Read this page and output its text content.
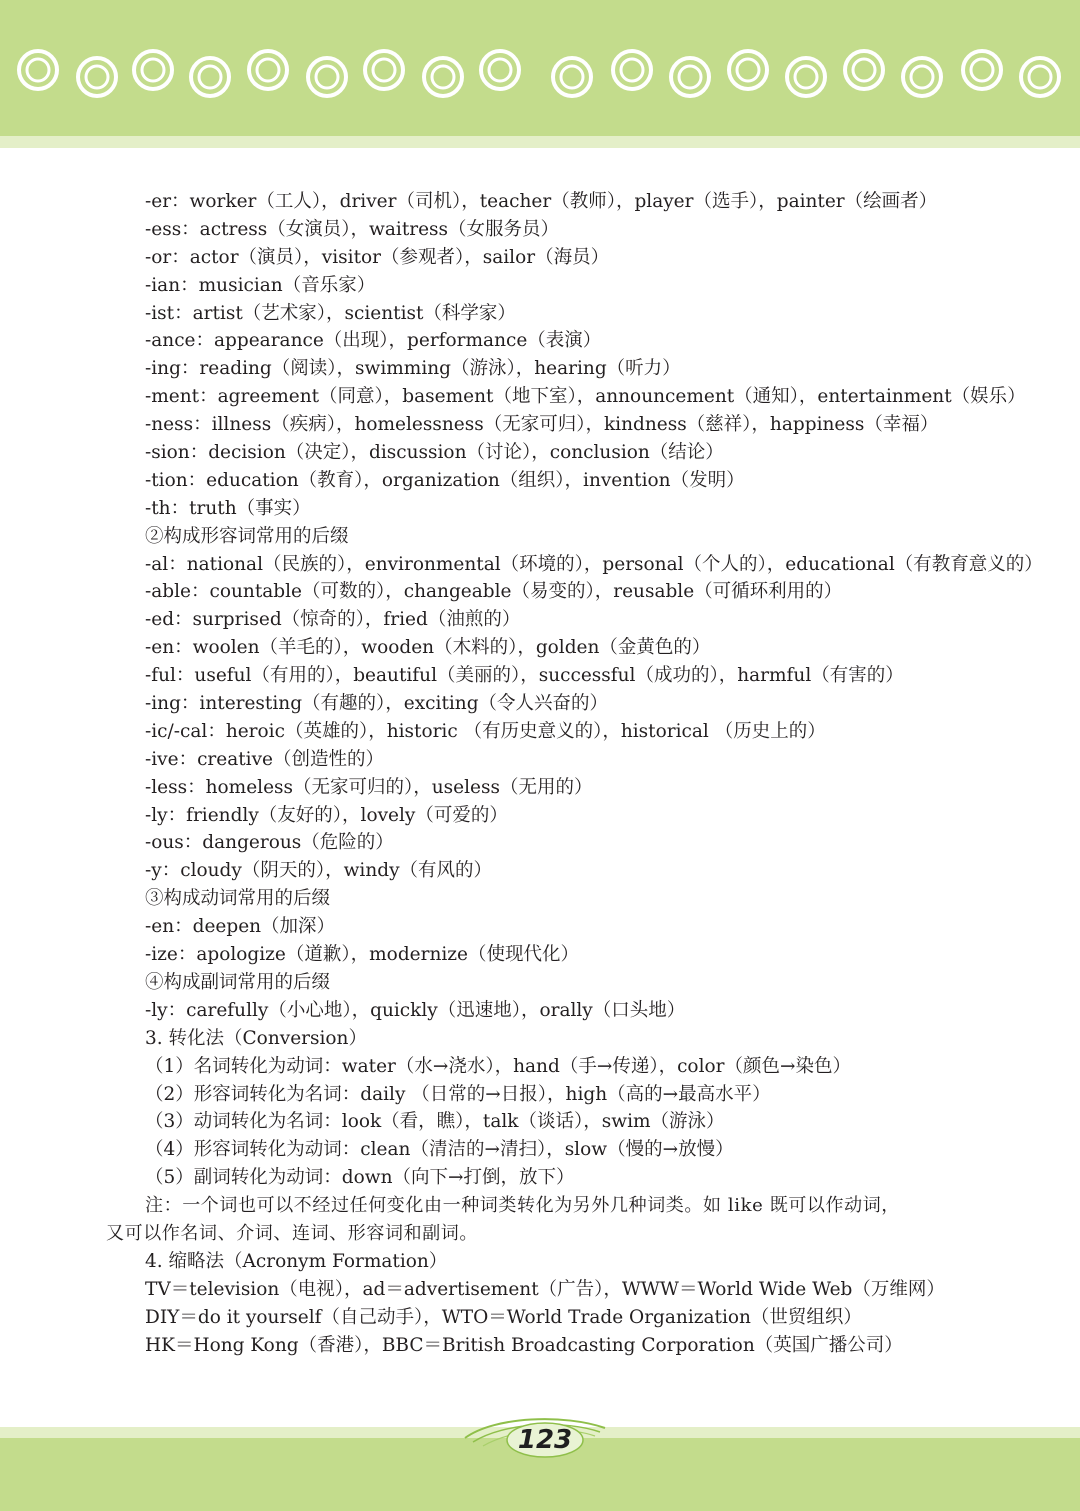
-er：worker（工人），driver（司机），teacher（教师），player（选手），painter（绘画者）
-ess：actress（女演员），waitress（女服务员）
-or：actor（演员），visitor（参观者），sailor（海员）
-ian：musician（音乐家）
-ist：artist（艺术家），scientist（科学家）
-ance：appearance（出现），performance（表演）
-ing：reading（阅读），swimming（游泳），hearing（听力）
-ment：agreement（同意），basement（地下室），announcement（通知），entertainment（娱乐）
-ness：illness（疾病），homelessness（无家可归），kindness（慈祥），happiness（幸福）
-sion：decision（决定），discussion（讨论），conclusion（结论）
-tion：education（教育），organization（组织），invention（发明）
-th：truth（事实）
②构成形容词常用的后缀
-al：national（民族的），environmental（环境的），personal（个人的），educational（有教育意义的）
-able：countable（可数的），changeable（易变的），reusable（可循环利用的）
-ed：surprised（惊奇的），fried（油煎的）
-en：woolen（羊毛的），wooden（木料的），golden（金黄色的）
-ful：useful（有用的），beautiful（美丽的），successful（成功的），harmful（有害的）
-ing：interesting（有趣的），exciting（令人兴奋的）
-ic/-cal：heroic（英雄的），historic （有历史意义的），historical （历史上的）
-ive：creative（创造性的）
-less：homeless（无家可归的），useless（无用的）
-ly：friendly（友好的），lovely（可爱的）
-ous：dangerous（危险的）
-y：cloudy（阴天的），windy（有风的）
③构成动词常用的后缀
-en：deepen（加深）
-ize：apologize（道歉），modernize（使现代化）
④构成副词常用的后缀
-ly：carefully（小心地），quickly（迅速地），orally（口头地）
3. 转化法（Conversion）
（1）名词转化为动词：water（水→浇水），hand（手→传递），color（颜色→染色）
（2）形容词转化为名词：daily （日常的→日报），high（高的→最高水平）
（3）动词转化为名词：look（看，瞧），talk（谈话），swim（游泳）
（4）形容词转化为动词：clean（清洁的→清扫），slow（慢的→放慢）
（5）副词转化为动词：down（向下→打倒，放下）
注：一个词也可以不经过任何变化由一种词类转化为另外几种词类。如 like 既可以作动词，
又可以作名词、介词、连词、形容词和副词。
4. 缩略法（Acronym Formation）
TV＝television（电视），ad＝advertisement（广告），WWW＝World Wide Web（万维网）
DIY＝do it yourself（自己动手），WTO＝World Trade Organization（世贸组织）
HK＝Hong Kong（香港），BBC＝British Broadcasting Corporation（英国广播公司）
123
